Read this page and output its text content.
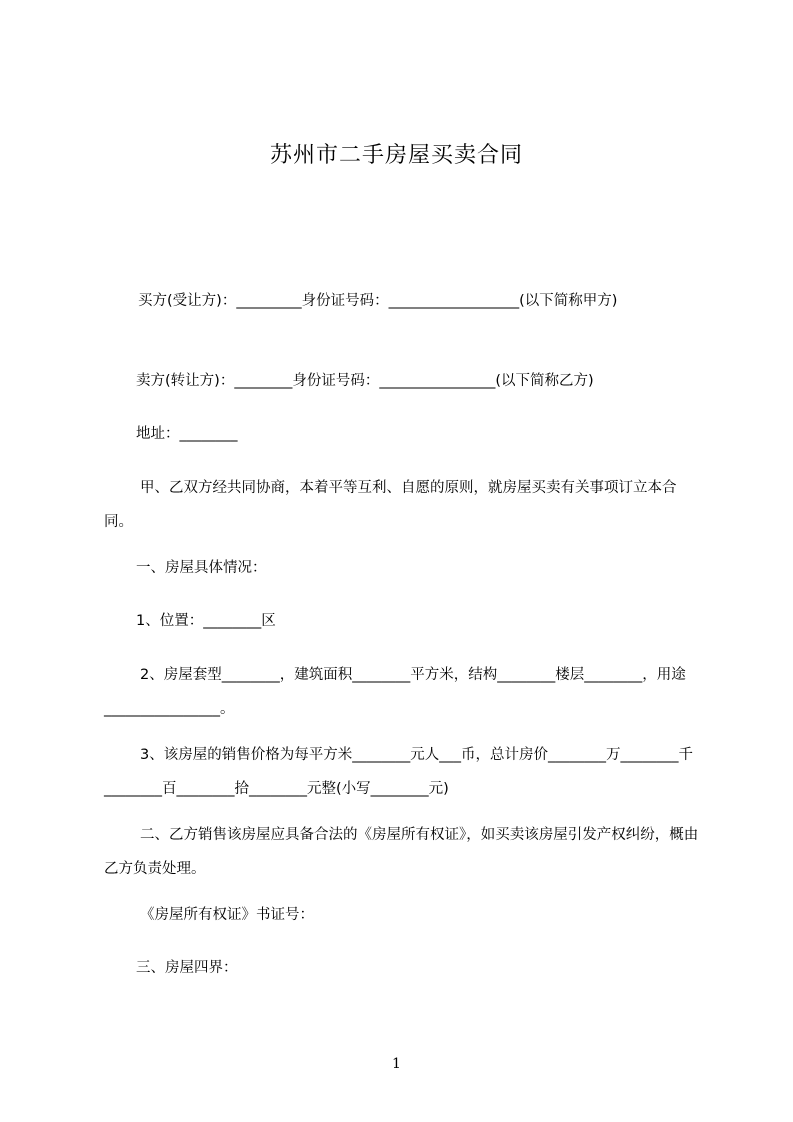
苏州市二手房屋买卖合同
买方(受让方)：_________身份证号码：__________________(以下简称甲方)
卖方(转让方)：________身份证号码：________________(以下简称乙方)
地址：________
甲、乙双方经共同协商，本着平等互利、自愿的原则，就房屋买卖有关事项订立本合同。
一、房屋具体情况：
1、位置：________区
2、房屋套型________，建筑面积________平方米，结构________楼层________，用途________________。
3、该房屋的销售价格为每平方米________元人___币，总计房价________万________千________百________拾________元整(小写________元)
二、乙方销售该房屋应具备合法的《房屋所有权证》，如买卖该房屋引发产权纠纷，概由乙方负责处理。
《房屋所有权证》书证号：
三、房屋四界：
1
